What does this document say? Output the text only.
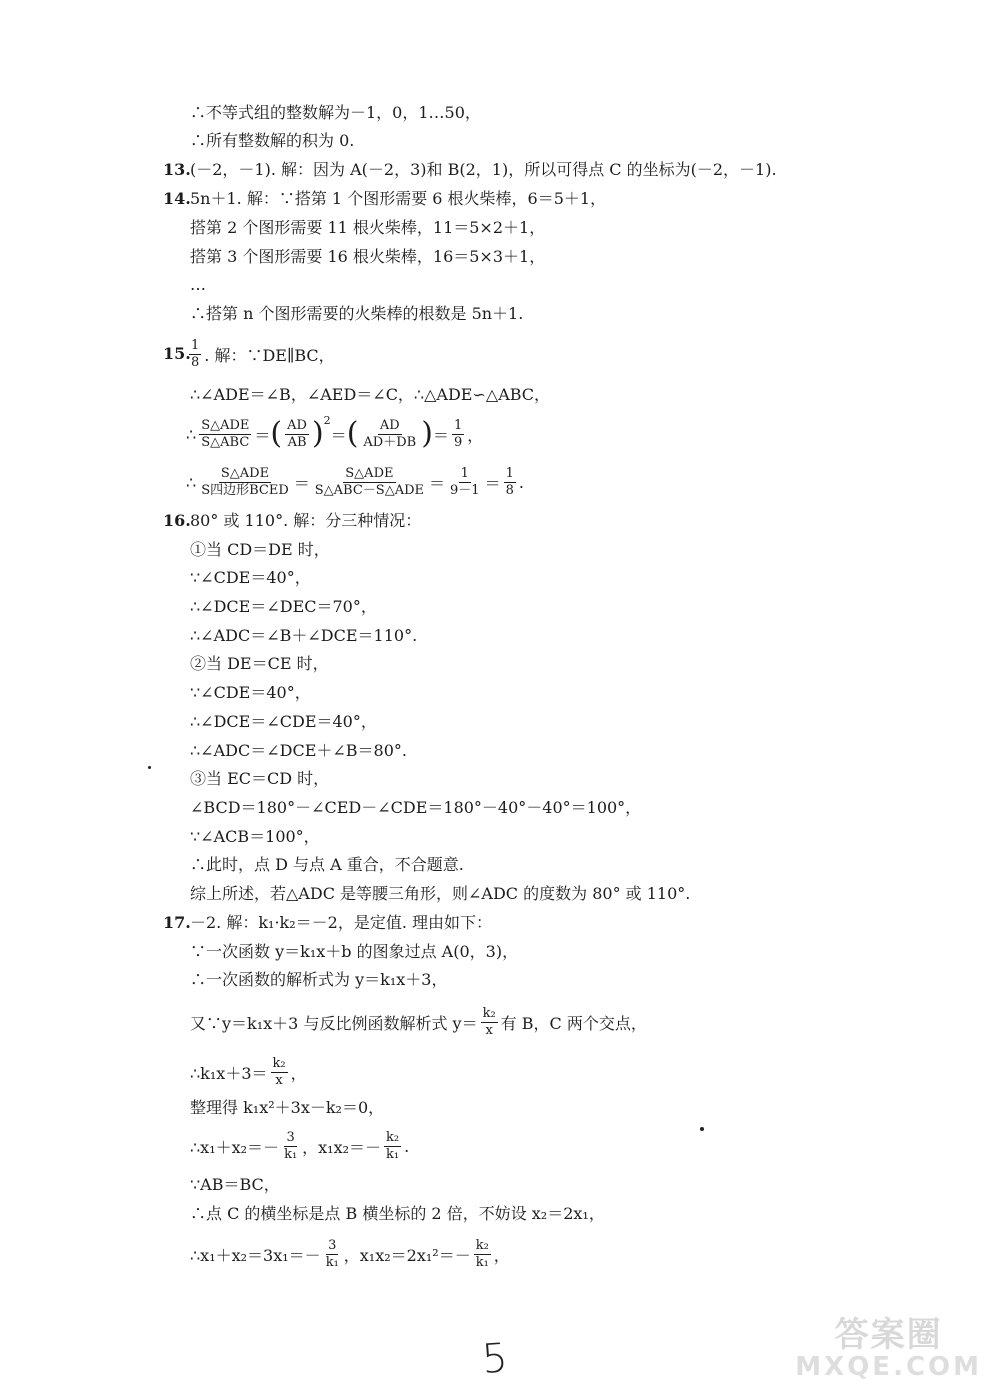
∴不等式组的整数解为－1，0，1…50，
∴所有整数解的积为 0.
13. (－2，－1). 解：因为 A(－2，3)和 B(2，1)，所以可得点 C 的坐标为(－2，－1).
14. 5n＋1. 解：∵搭第 1 个图形需要 6 根火柴棒，6＝5＋1，
搭第 2 个图形需要 11 根火柴棒，11＝5×2＋1，
搭第 3 个图形需要 16 根火柴棒，16＝5×3＋1，
…
∴搭第 n 个图形需要的火柴棒的根数是 5n＋1.
15.
$\frac{1}{8}$ . 解：∵DE∥BC，
∴∠ADE＝∠B，∠AED＝∠C，∴△ADE∽△ABC，
∴ $\frac{\text{S△ADE}}{\text{S△ABC}}$ ＝ ( $\frac{AD}{AB} )^2$
＝ ( $\frac{AD}{AD+DB}$ ) ＝ $\frac{1}{9}$ ，
∴ $\frac{\text{S△ADE}}{\text{S四边形BCED}} = \frac{\text{S△ADE}}{\text{S△ABC－S△ADE}} = \frac{1}{9-1} = \frac{1}{8}$ .
16. 80° 或 110°. 解：分三种情况：
①当 CD＝DE 时，
∵∠CDE＝40°，
∴∠DCE＝∠DEC＝70°，
∴∠ADC＝∠B＋∠DCE＝110°.
②当 DE＝CE 时，
∵∠CDE＝40°，
∴∠DCE＝∠CDE＝40°，
∴∠ADC＝∠DCE＋∠B＝80°.
③当 EC＝CD 时，
∠BCD＝180°－∠CED－∠CDE＝180°－40°－40°＝100°，
∵∠ACB＝100°，
∴此时，点 D 与点 A 重合，不合题意.
综上所述，若△ADC 是等腰三角形，则∠ADC 的度数为 80° 或 110°.
17. －2. 解：k₁·k₂＝－2，是定值. 理由如下：
∵一次函数 y＝k₁x＋b 的图象过点 A(0，3)，
∴一次函数的解析式为 y＝k₁x＋3，
又∵y＝k₁x＋3 与反比例函数解析式 $y= \frac{\text{k₂}}{x}$ 有 B，C 两个交点，
∴k₁x＋3＝ $\frac{\text{k₂}}{x}$ ，
整理得 k₁x²＋3x－k₂＝0，
∴x₁＋x₂＝－ $\frac{3}{\text{k₁}}$ ，$x_1x_2=- \frac{\text{k₂}}{\text{k₁}}$ .
∵AB＝BC，
∴点 C 的横坐标是点 B 横坐标的 2 倍，不妨设 x₂＝2x₁，
∴x₁＋x₂＝3x₁＝－ $\frac{3}{\text{k₁}}$ ，$x_1x_2=2x_1^2=- \frac{\text{k₂}}{\text{k₁}}$ ，
5
答案圈
MXQE.COM
